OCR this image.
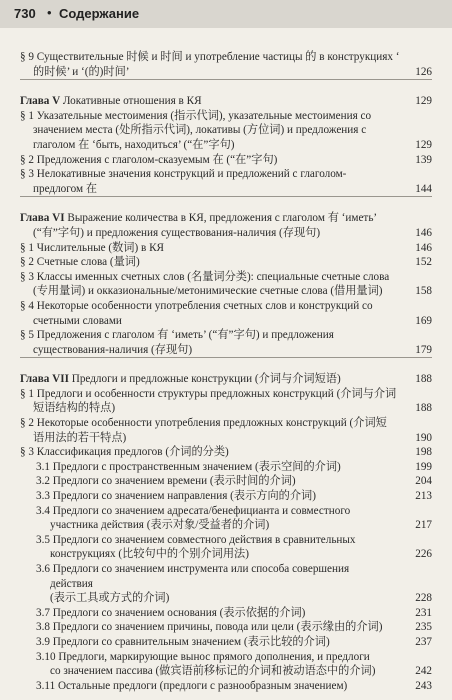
730 • Содержание
§ 9 Существительные 时候 и 时间 и употребление частицы 的 в конструкциях ‘
的时候’ и ‘(的)时间’	126
Глава V Локативные отношения в КЯ	129
§ 1 Указательные местоимения (指示代词), указательные местоимения со
значением места (处所指示代词), локативы (方位词) и предложения с
глаголом 在 ‘быть, находиться’ (“在”字句)	129
§ 2 Предложения с глаголом-сказуемым 在 (“在”字句)	139
§ 3 Нелокативные значения конструкций и предложений с глаголом-
предлогом 在	144
Глава VI Выражение количества в КЯ, предложения с глаголом 有 ‘иметь’
(“有”字句) и предложения существования-наличия (存现句)	146
§ 1 Числительные (数词) в КЯ	146
§ 2 Счетные слова (量词)	152
§ 3 Классы именных счетных слов (名量词分类): специальные счетные слова
(专用量词) и окказиональные/метонимические счетные слова (借用量词)	158
§ 4 Некоторые особенности употребления счетных слов и конструкций со
счетными словами	169
§ 5 Предложения с глаголом 有 ‘иметь’ (“有”字句) и предложения
существования-наличия (存现句)	179
Глава VII Предлоги и предложные конструкции (介词与介词短语)	188
§ 1 Предлоги и особенности структуры предложных конструкций (介词与介词
短语结构的特点)	188
§ 2 Некоторые особенности употребления предложных конструкций (介词短
语用法的若干特点)	190
§ 3 Классификация предлогов (介词的分类)	198
3.1 Предлоги с пространственным значением (表示空间的介词)	199
3.2 Предлоги со значением времени (表示时间的介词)	204
3.3 Предлоги со значением направления (表示方向的介词)	213
3.4 Предлоги со значением адресата/бенефицианта и совместного
участника действия (表示对象/受益者的介词)	217
3.5 Предлоги со значением совместного действия в сравнительных
конструкциях (比较句中的个别介词用法)	226
3.6 Предлоги со значением инструмента или способа совершения
действия
(表示工具或方式的介词)	228
3.7 Предлоги со значением основания (表示依据的介词)	231
3.8 Предлоги со значением причины, повода или цели (表示缘由的介词)	235
3.9 Предлоги со сравнительным значением (表示比较的介词)	237
3.10 Предлоги, маркирующие вынос прямого дополнения, и предлоги
со значением пассива (做宾语前移标记的介词和被动语态中的介词)	242
3.11 Остальные предлоги (предлоги с разнообразным значением)	243
